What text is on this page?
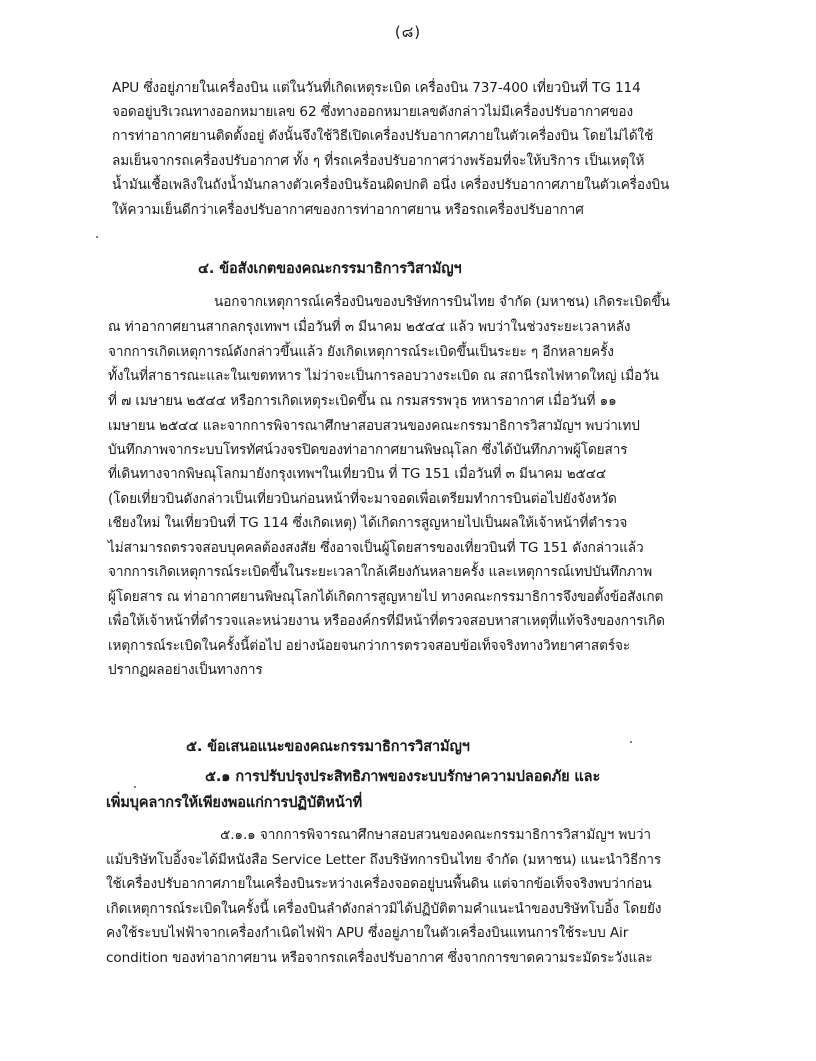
(๘)
APU ซึ่งอยู่ภายในเครื่องบิน แต่ในวันที่เกิดเหตุระเบิด เครื่องบิน 737-400 เที่ยวบินที่ TG 114
จอดอยู่บริเวณทางออกหมายเลข 62 ซึ่งทางออกหมายเลขดังกล่าวไม่มีเครื่องปรับอากาศของ
การท่าอากาศยานติดตั้งอยู่ ดังนั้นจึงใช้วิธีเปิดเครื่องปรับอากาศภายในตัวเครื่องบิน โดยไม่ได้ใช้
ลมเย็นจากรถเครื่องปรับอากาศ ทั้ง ๆ ที่รถเครื่องปรับอากาศว่างพร้อมที่จะให้บริการ เป็นเหตุให้
น้ำมันเชื้อเพลิงในถังน้ำมันกลางตัวเครื่องบินร้อนผิดปกติ อนึ่ง เครื่องปรับอากาศภายในตัวเครื่องบิน
ให้ความเย็นดีกว่าเครื่องปรับอากาศของการท่าอากาศยาน หรือรถเครื่องปรับอากาศ
๔. ข้อสังเกตของคณะกรรมาธิการวิสามัญฯ
นอกจากเหตุการณ์เครื่องบินของบริษัทการบินไทย จำกัด (มหาชน) เกิดระเบิดขึ้น
ณ ท่าอากาศยานสากลกรุงเทพฯ เมื่อวันที่ ๓ มีนาคม ๒๕๔๔ แล้ว พบว่าในช่วงระยะเวลาหลัง
จากการเกิดเหตุการณ์ดังกล่าวขึ้นแล้ว ยังเกิดเหตุการณ์ระเบิดขึ้นเป็นระยะ ๆ อีกหลายครั้ง
ทั้งในที่สาธารณะและในเขตทหาร ไม่ว่าจะเป็นการลอบวางระเบิด ณ สถานีรถไฟหาดใหญ่ เมื่อวัน
ที่ ๗ เมษายน ๒๕๔๔ หรือการเกิดเหตุระเบิดขึ้น ณ กรมสรรพวุธ ทหารอากาศ เมื่อวันที่ ๑๑
เมษายน ๒๕๔๔ และจากการพิจารณาศึกษาสอบสวนของคณะกรรมาธิการวิสามัญฯ พบว่าเทป
บันทึกภาพจากระบบโทรทัศน์วงจรปิดของท่าอากาศยานพิษณุโลก ซึ่งได้บันทึกภาพผู้โดยสาร
ที่เดินทางจากพิษณุโลกมายังกรุงเทพฯในเที่ยวบิน ที่ TG 151 เมื่อวันที่ ๓ มีนาคม ๒๕๔๔
(โดยเที่ยวบินดังกล่าวเป็นเที่ยวบินก่อนหน้าที่จะมาจอดเพื่อเตรียมทำการบินต่อไปยังจังหวัด
เชียงใหม่ ในเที่ยวบินที่ TG 114 ซึ่งเกิดเหตุ) ได้เกิดการสูญหายไปเป็นผลให้เจ้าหน้าที่ตำรวจ
ไม่สามารถตรวจสอบบุคคลต้องสงสัย ซึ่งอาจเป็นผู้โดยสารของเที่ยวบินที่ TG 151 ดังกล่าวแล้ว
จากการเกิดเหตุการณ์ระเบิดขึ้นในระยะเวลาใกล้เคียงกันหลายครั้ง และเหตุการณ์เทปบันทึกภาพ
ผู้โดยสาร ณ ท่าอากาศยานพิษณุโลกได้เกิดการสูญหายไป ทางคณะกรรมาธิการจึงขอตั้งข้อสังเกต
เพื่อให้เจ้าหน้าที่ตำรวจและหน่วยงาน หรือองค์กรที่มีหน้าที่ตรวจสอบหาสาเหตุที่แท้จริงของการเกิด
เหตุการณ์ระเบิดในครั้งนี้ต่อไป อย่างน้อยจนกว่าการตรวจสอบข้อเท็จจริงทางวิทยาศาสตร์จะ
ปรากฏผลอย่างเป็นทางการ
๕. ข้อเสนอแนะของคณะกรรมาธิการวิสามัญฯ
๕.๑ การปรับปรุงประสิทธิภาพของระบบรักษาความปลอดภัย และ
เพิ่มบุคลากรให้เพียงพอแก่การปฏิบัติหน้าที่
๕.๑.๑ จากการพิจารณาศึกษาสอบสวนของคณะกรรมาธิการวิสามัญฯ พบว่า
แม้บริษัทโบอิ้งจะได้มีหนังสือ Service Letter ถึงบริษัทการบินไทย จำกัด (มหาชน) แนะนำวิธีการ
ใช้เครื่องปรับอากาศภายในเครื่องบินระหว่างเครื่องจอดอยู่บนพื้นดิน แต่จากข้อเท็จจริงพบว่าก่อน
เกิดเหตุการณ์ระเบิดในครั้งนี้ เครื่องบินลำดังกล่าวมิได้ปฏิบัติตามคำแนะนำของบริษัทโบอิ้ง โดยยัง
คงใช้ระบบไฟฟ้าจากเครื่องกำเนิดไฟฟ้า APU ซึ่งอยู่ภายในตัวเครื่องบินแทนการใช้ระบบ Air
condition ของท่าอากาศยาน หรือจากรถเครื่องปรับอากาศ ซึ่งจากการขาดความระมัดระวังและ
